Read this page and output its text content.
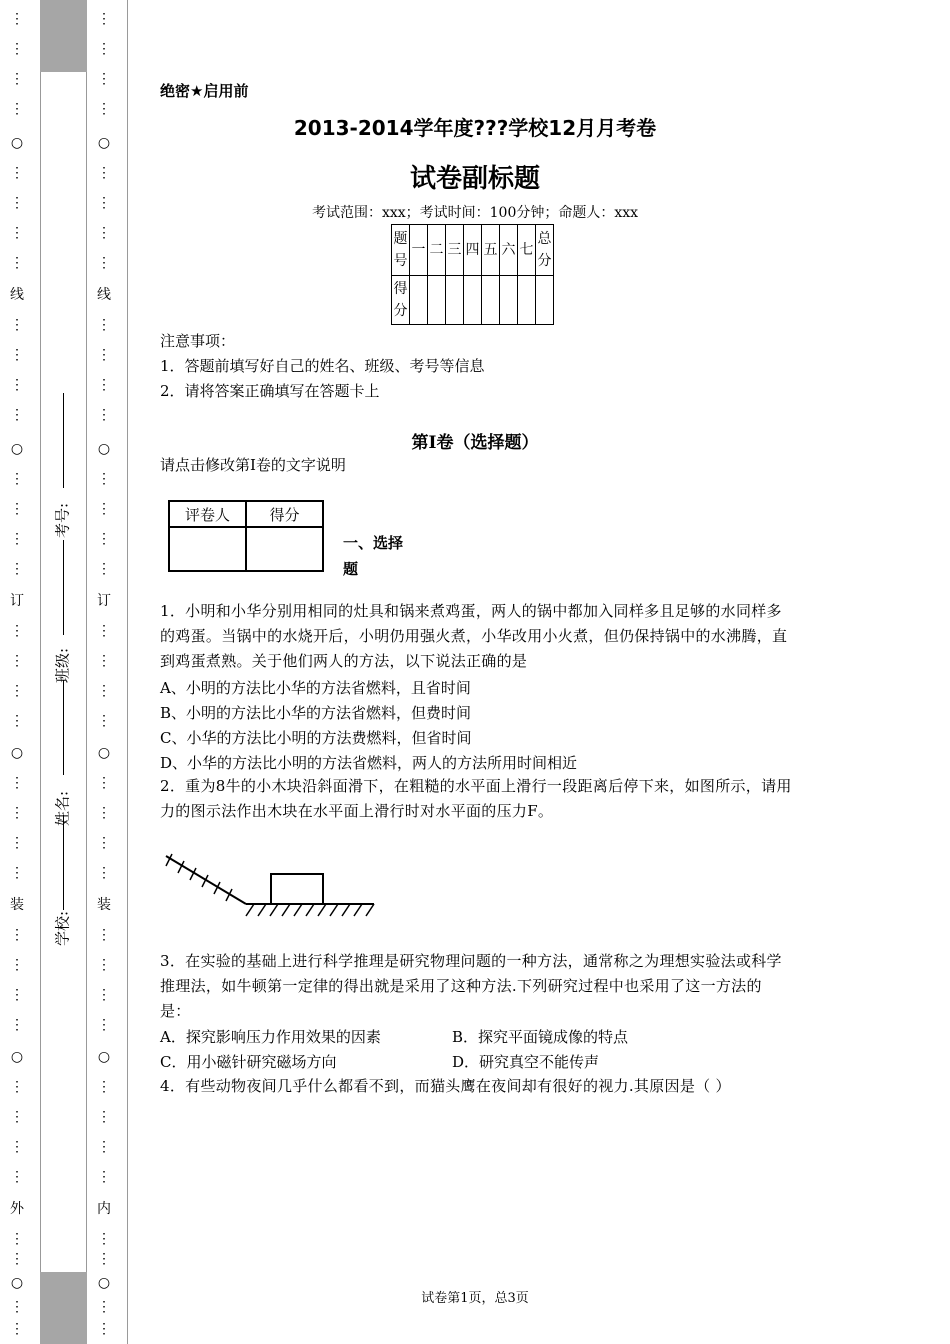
⋮
⋮
⋮
⋮
○
⋮
⋮
⋮
⋮
线
⋮
⋮
⋮
⋮
○
⋮
⋮
⋮
⋮
订
⋮
⋮
⋮
⋮
○
⋮
⋮
⋮
⋮
装
⋮
⋮
⋮
⋮
○
⋮
⋮
⋮
⋮
外
⋮
⋮
○
⋮
⋮
⋮
⋮
⋮
⋮
○
⋮
⋮
⋮
⋮
线
⋮
⋮
⋮
⋮
○
⋮
⋮
⋮
⋮
订
⋮
⋮
⋮
⋮
○
⋮
⋮
⋮
⋮
装
⋮
⋮
⋮
⋮
○
⋮
⋮
⋮
⋮
内
⋮
⋮
○
⋮
⋮
学校:
姓名:
班级:
考号:
绝密★启用前
2013-2014学年度???学校12月月考卷
试卷副标题
考试范围：xxx；考试时间：100分钟；命题人：xxx
题号	一	二	三	四	五	六	七	总分
得分								
注意事项：
1．答题前填写好自己的姓名、班级、考号等信息
2．请将答案正确填写在答题卡上
第I卷（选择题）
请点击修改第I卷的文字说明
评卷人	得分

一、选择题
1．小明和小华分别用相同的灶具和锅来煮鸡蛋，两人的锅中都加入同样多且足够的水同样多的鸡蛋。当锅中的水烧开后，小明仍用强火煮，小华改用小火煮，但仍保持锅中的水沸腾，直到鸡蛋煮熟。关于他们两人的方法，以下说法正确的是
A、小明的方法比小华的方法省燃料，且省时间
B、小明的方法比小华的方法省燃料，但费时间
C、小华的方法比小明的方法费燃料，但省时间
D、小华的方法比小明的方法省燃料，两人的方法所用时间相近
2．重为8牛的小木块沿斜面滑下，在粗糙的水平面上滑行一段距离后停下来，如图所示，请用力的图示法作出木块在水平面上滑行时对水平面的压力F。
3．在实验的基础上进行科学推理是研究物理问题的一种方法，通常称之为理想实验法或科学推理法，如牛顿第一定律的得出就是采用了这种方法.下列研究过程中也采用了这一方法的是：
A．探究影响压力作用效果的因素	B．探究平面镜成像的特点
C．用小磁针研究磁场方向	D．研究真空不能传声
4．有些动物夜间几乎什么都看不到，而猫头鹰在夜间却有很好的视力.其原因是（ ）
试卷第1页，总3页
